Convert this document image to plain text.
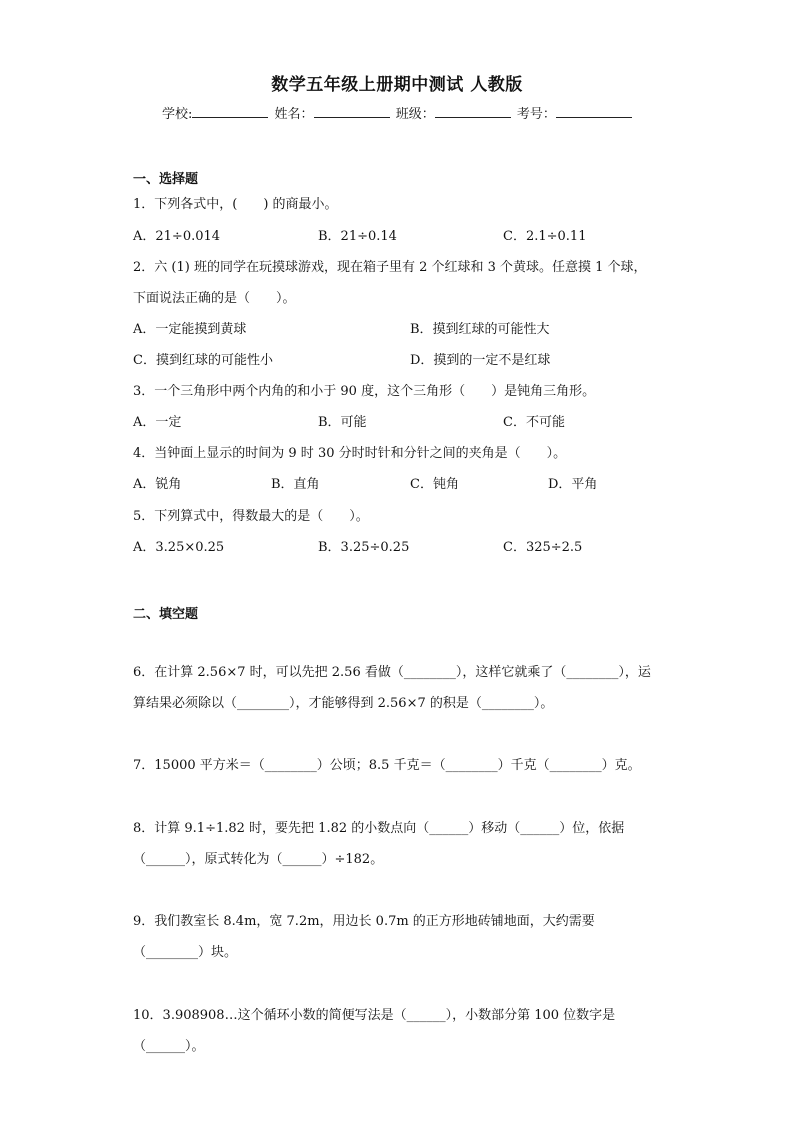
数学五年级上册期中测试 人教版
学校:	姓名：	班级：	考号：
一、选择题
1．下列各式中，(　　) 的商最小。
A．21÷0.014	B．21÷0.14	C．2.1÷0.11
2．六 (1) 班的同学在玩摸球游戏，现在箱子里有 2 个红球和 3 个黄球。任意摸 1 个球，
下面说法正确的是（　　）。
A．一定能摸到黄球	B．摸到红球的可能性大
C．摸到红球的可能性小	D．摸到的一定不是红球
3．一个三角形中两个内角的和小于 90 度，这个三角形（　　）是钝角三角形。
A．一定	B．可能	C．不可能
4．当钟面上显示的时间为 9 时 30 分时时针和分针之间的夹角是（　　）。
A．锐角	B．直角	C．钝角	D．平角
5．下列算式中，得数最大的是（　　）。
A．3.25×0.25	B．3.25÷0.25	C．325÷2.5
二、填空题
6．在计算 2.56×7 时，可以先把 2.56 看做（________），这样它就乘了（________），运
算结果必须除以（________），才能够得到 2.56×7 的积是（________）。
7．15000 平方米＝（________）公顷；8.5 千克＝（________）千克（________）克。
8．计算 9.1÷1.82 时，要先把 1.82 的小数点向（______）移动（______）位，依据
（______），原式转化为（______）÷182。
9．我们教室长 8.4m，宽 7.2m，用边长 0.7m 的正方形地砖铺地面，大约需要
（________）块。
10．3.908908…这个循环小数的简便写法是（______），小数部分第 100 位数字是
（______）。
